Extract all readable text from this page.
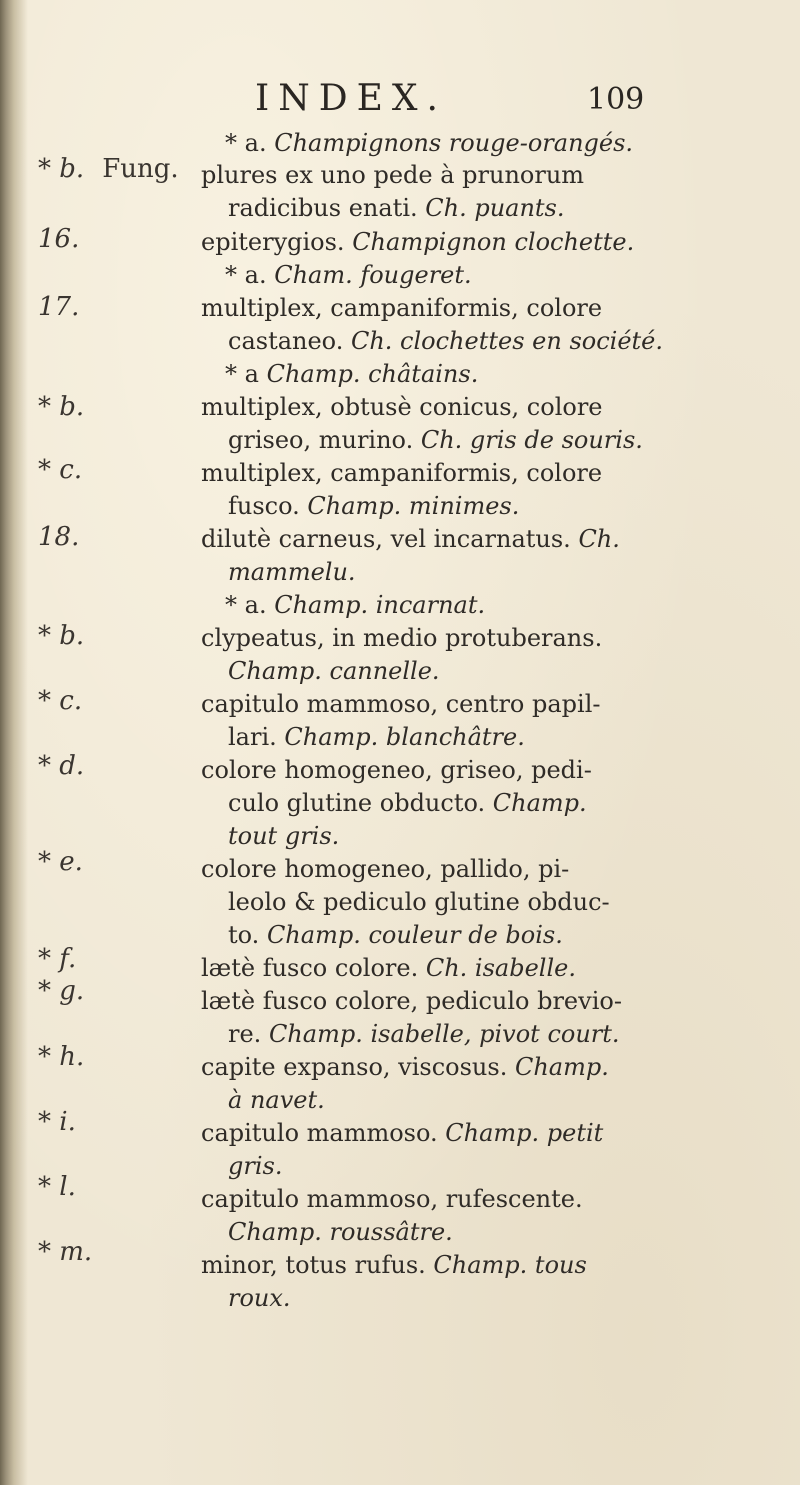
INDEX.	109
* b. Fung.
16.
17.
* b.
* c.
18.
* b.
* c.
* d.
* e.
* f.
* g.
* h.
* i.
* l.
* m.
* a. Champignons rouge-orangés.
plures ex uno pede à prunorum
radicibus enati. Ch. puants.
epiterygios. Champignon clochette.
* a. Cham. fougeret.
multiplex, campaniformis, colore
castaneo. Ch. clochettes en société.
* a Champ. châtains.
multiplex, obtusè conicus, colore
griseo, murino. Ch. gris de souris.
multiplex, campaniformis, colore
fusco. Champ. minimes.
dilutè carneus, vel incarnatus. Ch.
mammelu.
* a. Champ. incarnat.
clypeatus, in medio protuberans.
Champ. cannelle.
capitulo mammoso, centro papil-
lari. Champ. blanchâtre.
colore homogeneo, griseo, pedi-
culo glutine obducto. Champ.
tout gris.
colore homogeneo, pallido, pi-
leolo & pediculo glutine obduc-
to. Champ. couleur de bois.
lætè fusco colore. Ch. isabelle.
lætè fusco colore, pediculo brevio-
re. Champ. isabelle, pivot court.
capite expanso, viscosus. Champ.
à navet.
capitulo mammoso. Champ. petit
gris.
capitulo mammoso, rufescente.
Champ. roussâtre.
minor, totus rufus. Champ. tous
roux.
